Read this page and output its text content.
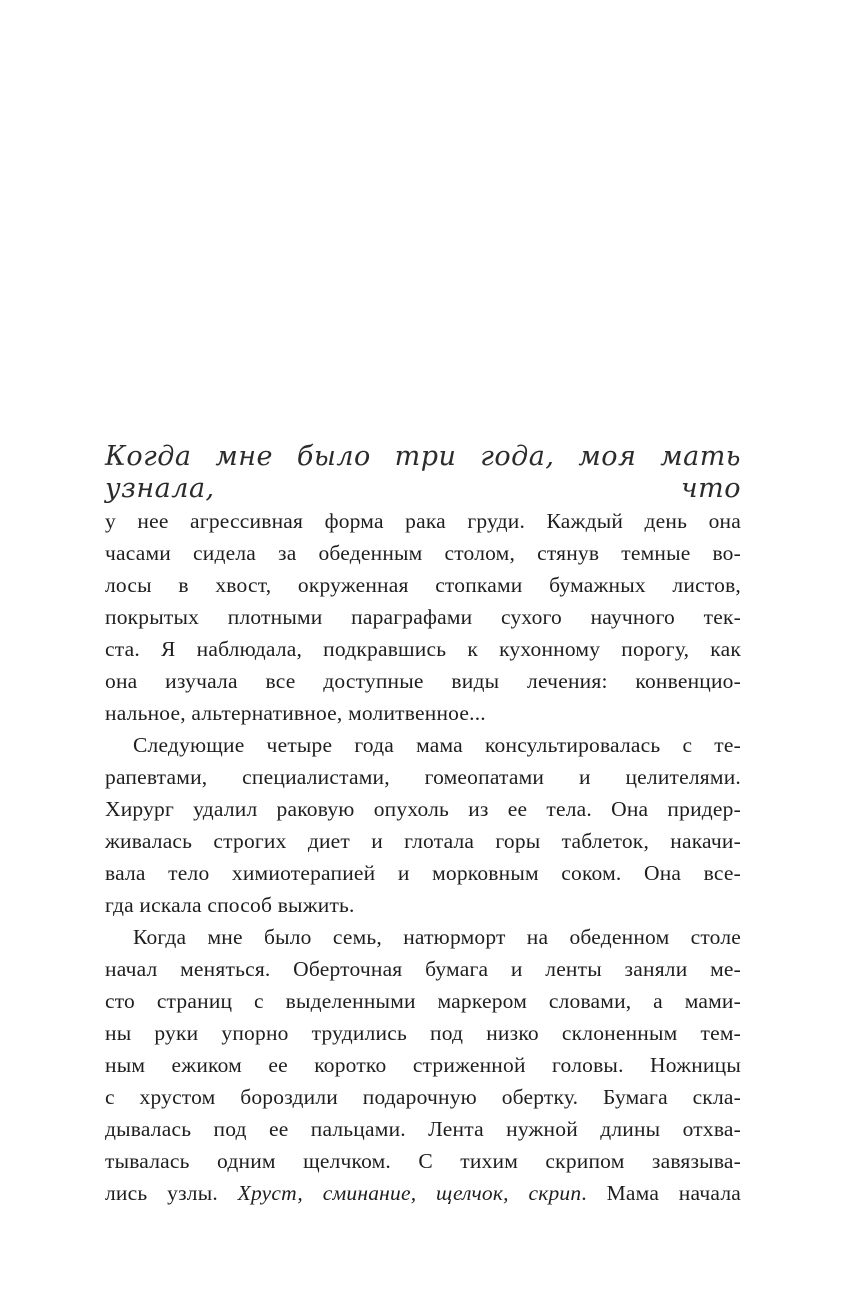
Когда мне было три года, моя мать узнала, что
у нее агрессивная форма рака груди. Каждый день она
часами сидела за обеденным столом, стянув темные во-
лосы в хвост, окруженная стопками бумажных листов,
покрытых плотными параграфами сухого научного тек-
ста. Я наблюдала, подкравшись к кухонному порогу, как
она изучала все доступные виды лечения: конвенцио-
нальное, альтернативное, молитвенное...
Следующие четыре года мама консультировалась с те-
рапевтами, специалистами, гомеопатами и целителями.
Хирург удалил раковую опухоль из ее тела. Она придер-
живалась строгих диет и глотала горы таблеток, накачи-
вала тело химиотерапией и морковным соком. Она все-
гда искала способ выжить.
Когда мне было семь, натюрморт на обеденном столе
начал меняться. Оберточная бумага и ленты заняли ме-
сто страниц с выделенными маркером словами, а мами-
ны руки упорно трудились под низко склоненным тем-
ным ежиком ее коротко стриженной головы. Ножницы
с хрустом бороздили подарочную обертку. Бумага скла-
дывалась под ее пальцами. Лента нужной длины отхва-
тывалась одним щелчком. С тихим скрипом завязыва-
лись узлы. Хруст, сминание, щелчок, скрип. Мама начала
